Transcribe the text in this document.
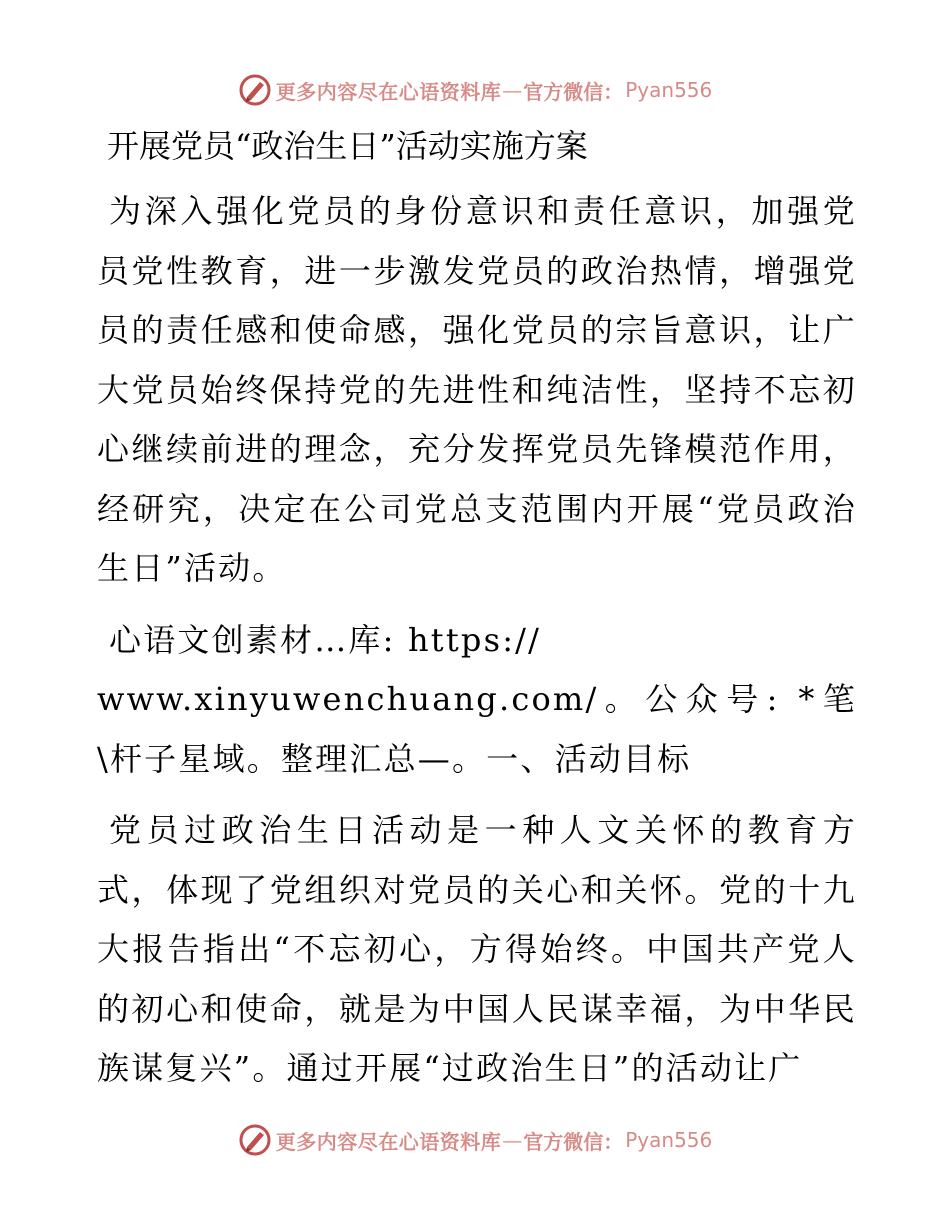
更多内容尽在心语资料库 — 官方微信： Pyan556
开展党员“政治生日”活动实施方案

为深入强化党员的身份意识和责任意识，加强党员党性教育，进一步激发党员的政治热情，增强党员的责任感和使命感，强化党员的宗旨意识，让广大党员始终保持党的先进性和纯洁性，坚持不忘初心继续前进的理念，充分发挥党员先锋模范作用，经研究，决定在公司党总支范围内开展“党员政治生日”活动。

心语文创素材…库: https://

www.xinyuwenchuang.com/。公众号: *笔\杆子星域。整理汇总—。一、活动目标

党员过政治生日活动是一种人文关怀的教育方式，体现了党组织对党员的关心和关怀。党的十九大报告指出“不忘初心，方得始终。中国共产党人的初心和使命，就是为中国人民谋幸福，为中华民族谋复兴”。通过开展“过政治生日”的活动让广

更多内容尽在心语资料库 — 官方微信： Pyan556
